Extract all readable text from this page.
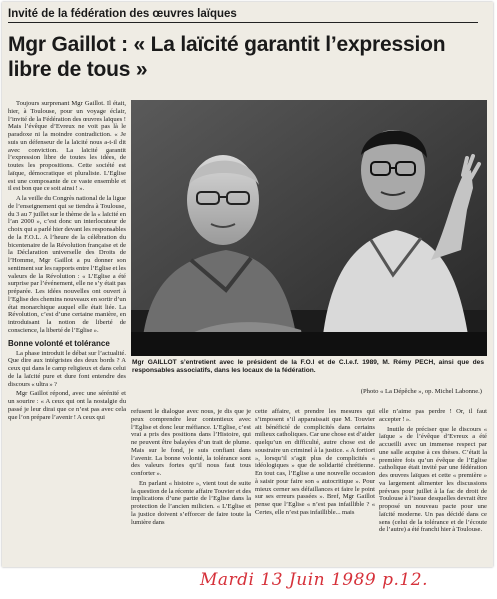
Invité de la fédération des œuvres laïques
Mgr Gaillot : « La laïcité garantit l’expression libre de tous »

Toujours surprenant Mgr Gaillot. Il était, hier, à Toulouse, pour un voyage éclair, l’invité de la Fédération des œuvres laïques ! Mais l’évêque d’Evreux ne voit pas là le paradoxe ni la moindre contradiction. « Je suis un défenseur de la laïcité nous a-t-il dit avec conviction. La laïcité garantit l’expression libre de toutes les idées, de toutes les propositions. Cette société est laïque, démocratique et pluraliste. L’Eglise est une composante de ce vaste ensemble et il est bon que ce soit ainsi ! ».

A la veille du Congrès national de la ligue de l’enseignement qui se tiendra à Toulouse, du 3 au 7 juillet sur le thème de la « laïcité en l’an 2000 », c’est donc un interlocuteur de choix qui a parlé hier devant les responsables de la F.O.L. A l’heure de la célébration du bicentenaire de la Révolution française et de la Déclaration universelle des Droits de l’Homme, Mgr Gaillot a pu donner son sentiment sur les rapports entre l’Eglise et les valeurs de la Révolution : « L’Eglise a été surprise par l’événement, elle ne s’y était pas préparée. Les idées nouvelles ont ouvert à l’Eglise des chemins nouveaux en sortir d’un état monarchique auquel elle était liée. La Révolution, c’est d’une certaine manière, en introduisant la notion de liberté de conscience, la liberté de l’Eglise ».

Bonne volonté et tolérance

La phase introduit le débat sur l’actualité. Que dire aux intégristes des deux bords ? A ceux qui dans le camp religieux et dans celui de la laïcité pure et dure font entendre des discours « ultra » ?

Mgr Gaillot répond, avec une sérénité et un sourire : « A ceux qui ont la nostalgie du passé je leur dirai que ce n’est pas avec cela que l’on prépare l’avenir ! A ceux qui

Mgr GAILLOT s’entretient avec le président de la F.O.l et de C.l.e.f. 1989, M. Rémy PECH, ainsi que des responsables associatifs, dans les locaux de la fédération.
(Photo « La Dépêche », op. Michel Labonne.)

refusent le dialogue avec nous, je dis que je peux comprendre leur contentieux avec l’Eglise et donc leur méfiance. L’Eglise, c’est vrai a pris des positions dans l’Histoire, qui ne peuvent être balayées d’un trait de plume. Mais sur le fond, je suis confiant dans l’avenir. La bonne volonté, la tolérance sont des valeurs fortes qu’il nous faut tous conforter ».

En parlant « histoire », vient tout de suite la question de la récente affaire Touvier et des implications d’une partie de l’Eglise dans la protection de l’ancien milicien. « L’Eglise et la justice doivent s’efforcer de faire toute la lumière dans

cette affaire, et prendre les mesures qui s’imposent s’il apparaissait que M. Touvier ait bénéficié de complicités dans certains milieux catholiques. Car une chose est d’aider quelqu’un en difficulté, autre chose est de soustraire un criminel à la justice. « A fortiori », lorsqu’il s’agit plus de complicités « idéologiques » que de solidarité chrétienne. En tout cas, l’Eglise a une nouvelle occasion à saisir pour faire son « autocritique ». Pour mieux cerner ses défaillances et faire le point sur ses erreurs passées ». Bref, Mgr Gaillot pense que l’Eglise « n’est pas infaillible ? « Certes, elle n’est pas infaillible... mais

elle n’aime pas perdre ! Or, il faut accepter ! ».

Inutile de préciser que le discours « laïque » de l’évêque d’Evreux a été accueilli avec un immense respect par une salle acquise à ces thèses. C’était la première fois qu’un évêque de l’Eglise catholique était invité par une fédération des œuvres laïques et cette « première » va largement alimenter les discussions prévues pour juillet à la fac de droit de Toulouse à l’issue desquelles devrait être proposé un nouveau pacte pour une laïcité moderne. Un pas décidé dans ce sens (celui de la tolérance et de l’écoute de l’autre) a été franchi hier à Toulouse.

Mardi 13 Juin 1989 p.12.
